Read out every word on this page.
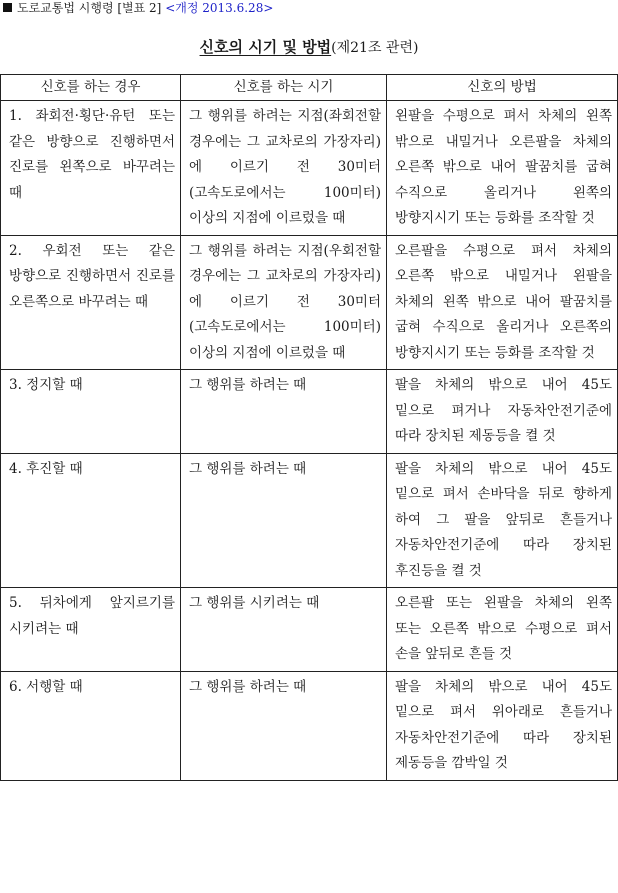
도로교통법 시행령 [별표 2] <개정 2013.6.28>
신호의 시기 및 방법(제21조 관련)
신호를 하는 경우	신호를 하는 시기	신호의 방법
1. 좌회전·횡단·유턴 또는 같은 방향으로 진행하면서 진로를 왼쪽으로 바꾸려는 때	그 행위를 하려는 지점(좌회전할 경우에는 그 교차로의 가장자리)에 이르기 전 30미터(고속도로에서는 100미터) 이상의 지점에 이르렀을 때	왼팔을 수평으로 펴서 차체의 왼쪽 밖으로 내밀거나 오른팔을 차체의 오른쪽 밖으로 내어 팔꿈치를 굽혀 수직으로 올리거나 왼쪽의 방향지시기 또는 등화를 조작할 것
2. 우회전 또는 같은 방향으로 진행하면서 진로를 오른쪽으로 바꾸려는 때	그 행위를 하려는 지점(우회전할 경우에는 그 교차로의 가장자리)에 이르기 전 30미터(고속도로에서는 100미터) 이상의 지점에 이르렀을 때	오른팔을 수평으로 펴서 차체의 오른쪽 밖으로 내밀거나 왼팔을 차체의 왼쪽 밖으로 내어 팔꿈치를 굽혀 수직으로 올리거나 오른쪽의 방향지시기 또는 등화를 조작할 것
3. 정지할 때	그 행위를 하려는 때	팔을 차체의 밖으로 내어 45도 밑으로 펴거나 자동차안전기준에 따라 장치된 제동등을 켤 것
4. 후진할 때	그 행위를 하려는 때	팔을 차체의 밖으로 내어 45도 밑으로 펴서 손바닥을 뒤로 향하게 하여 그 팔을 앞뒤로 흔들거나 자동차안전기준에 따라 장치된 후진등을 켤 것
5. 뒤차에게 앞지르기를 시키려는 때	그 행위를 시키려는 때	오른팔 또는 왼팔을 차체의 왼쪽 또는 오른쪽 밖으로 수평으로 펴서 손을 앞뒤로 흔들 것
6. 서행할 때	그 행위를 하려는 때	팔을 차체의 밖으로 내어 45도 밑으로 펴서 위아래로 흔들거나 자동차안전기준에 따라 장치된 제동등을 깜박일 것
